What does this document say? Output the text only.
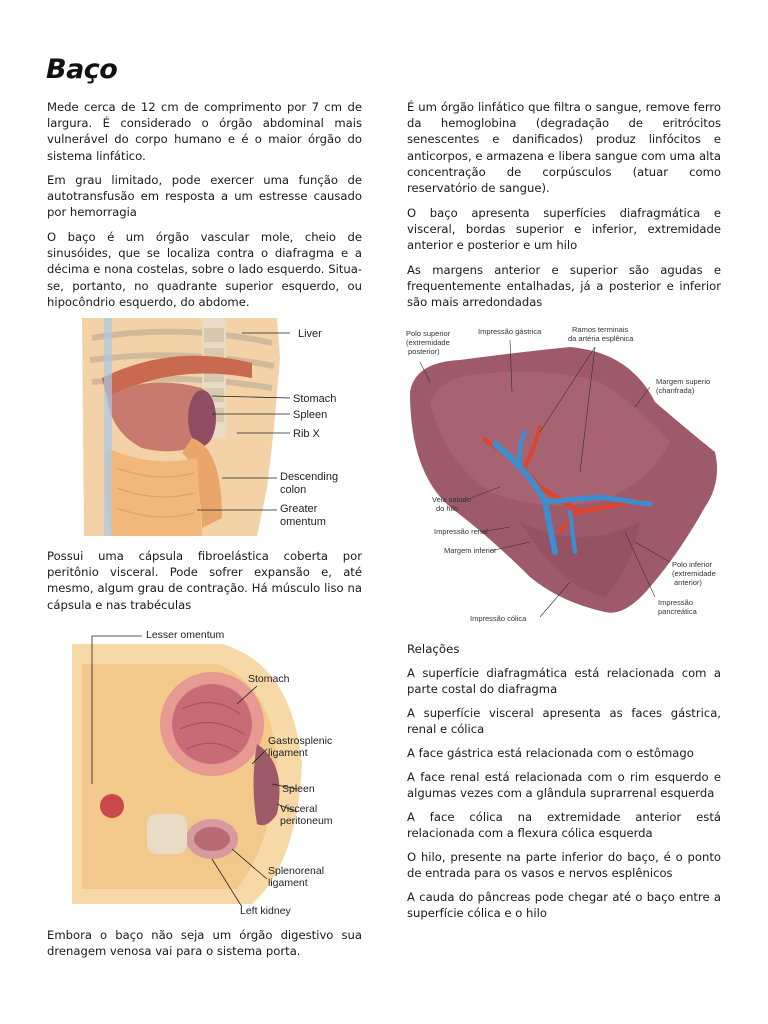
Baço

Mede cerca de 12 cm de comprimento por 7 cm de largura. É considerado o órgão abdominal mais vulnerável do corpo humano e é o maior órgão do sistema linfático.

Em grau limitado, pode exercer uma função de autotransfusão em resposta a um estresse causado por hemorragia

O baço é um órgão vascular mole, cheio de sinusóides, que se localiza contra o diafragma e a décima e nona costelas, sobre o lado esquerdo. Situa-se, portanto, no quadrante superior esquerdo, ou hipocôndrio esquerdo, do abdome.

Liver
Stomach
Spleen
Rib X
Descending colon
Greater omentum

Possui uma cápsula fibroelástica coberta por peritônio visceral. Pode sofrer expansão e, até mesmo, algum grau de contração. Há músculo liso na cápsula e nas trabéculas

Lesser omentum
Stomach
Gastrosplenic ligament
Spleen
Visceral peritoneum
Splenorenal ligament
Left kidney

Embora o baço não seja um órgão digestivo sua drenagem venosa vai para o sistema porta.

É um órgão linfático que filtra o sangue, remove ferro da hemoglobina (degradação de eritrócitos senescentes e danificados) produz linfócitos e anticorpos, e armazena e libera sangue com uma alta concentração de corpúsculos (atuar como reservatório de sangue).

O baço apresenta superfícies diafragmática e visceral, bordas superior e inferior, extremidade anterior e posterior e um hilo

As margens anterior e superior são agudas e frequentemente entalhadas, já a posterior e inferior são mais arredondadas

Polo superior (extremidade posterior)
Impressão gástrica	Ramos terminais da artéria esplênica
Margem superio (chanfrada)
Veia saindo do hilo
Impressão renal
Margem inferior
Polo inferior (extremidade anterior)
Impressão pancreática
Impressão cólica
Relações

A superfície diafragmática está relacionada com a parte costal do diafragma

A superfície visceral apresenta as faces gástrica, renal e cólica

A face gástrica está relacionada com o estômago

A face renal está relacionada com o rim esquerdo e algumas vezes com a glândula suprarrenal esquerda

A face cólica na extremidade anterior está relacionada com a flexura cólica esquerda

O hilo, presente na parte inferior do baço, é o ponto de entrada para os vasos e nervos esplênicos

A cauda do pâncreas pode chegar até o baço entre a superfície cólica e o hilo
